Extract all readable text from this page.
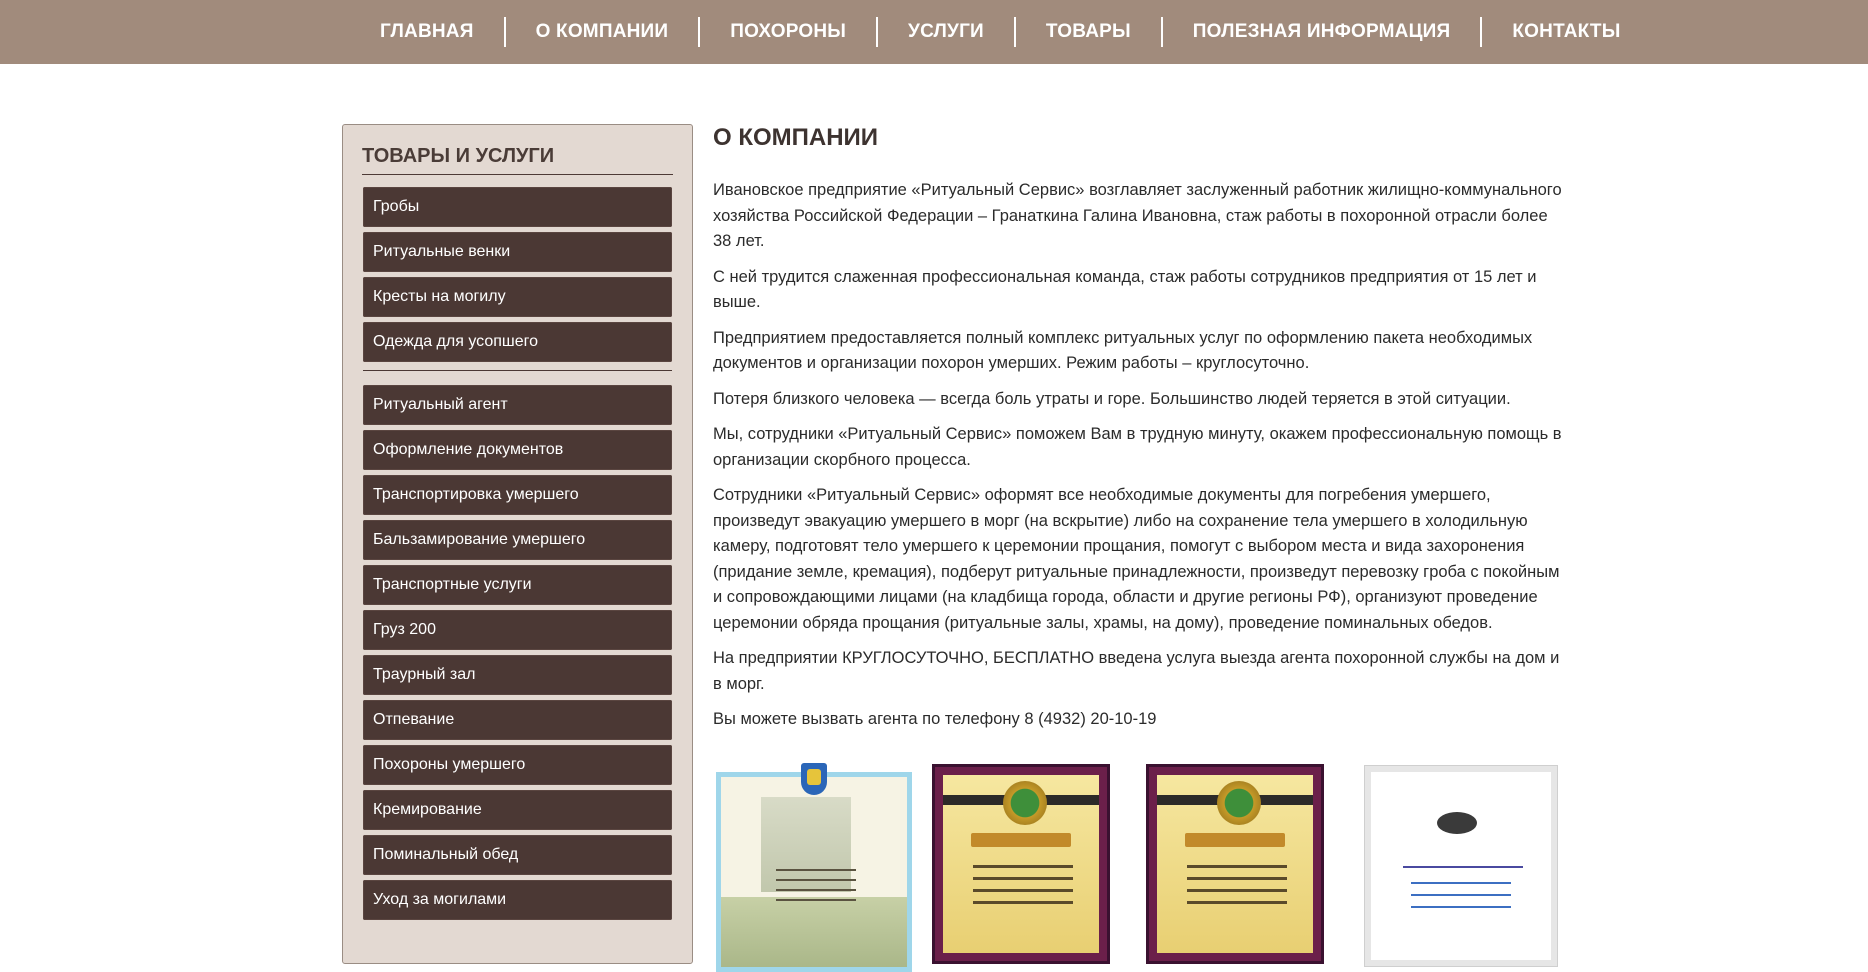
ГЛАВНАЯ	О КОМПАНИИ	ПОХОРОНЫ	УСЛУГИ	ТОВАРЫ	ПОЛЕЗНАЯ ИНФОРМАЦИЯ	КОНТАКТЫ
ТОВАРЫ И УСЛУГИ
Гробы
Ритуальные венки
Кресты на могилу
Одежда для усопшего
Ритуальный агент
Оформление документов
Транспортировка умершего
Бальзамирование умершего
Транспортные услуги
Груз 200
Траурный зал
Отпевание
Похороны умершего
Кремирование
Поминальный обед
Уход за могилами
О КОМПАНИИ

Ивановское предприятие «Ритуальный Сервис» возглавляет заслуженный работник жилищно-коммунального хозяйства Российской Федерации – Гранаткина Галина Ивановна, стаж работы в похоронной отрасли более 38 лет.

С ней трудится слаженная профессиональная команда, стаж работы сотрудников предприятия от 15 лет и выше.

Предприятием предоставляется полный комплекс ритуальных услуг по оформлению пакета необходимых документов и организации похорон умерших. Режим работы – круглосуточно.

Потеря близкого человека — всегда боль утраты и горе. Большинство людей теряется в этой ситуации.

Мы, сотрудники «Ритуальный Сервис» поможем Вам в трудную минуту, окажем профессиональную помощь в организации скорбного процесса.

Сотрудники «Ритуальный Сервис» оформят все необходимые документы для погребения умершего, произведут эвакуацию умершего в морг (на вскрытие) либо на сохранение тела умершего в холодильную камеру, подготовят тело умершего к церемонии прощания, помогут с выбором места и вида захоронения (придание земле, кремация), подберут ритуальные принадлежности, произведут перевозку гроба с покойным и сопровождающими лицами (на кладбища города, области и другие регионы РФ), организуют проведение церемонии обряда прощания (ритуальные залы, храмы, на дому), проведение поминальных обедов.

На предприятии КРУГЛОСУТОЧНО, БЕСПЛАТНО введена услуга выезда агента похоронной службы на дом и в морг.

Вы можете вызвать агента по телефону 8 (4932) 20-10-19
